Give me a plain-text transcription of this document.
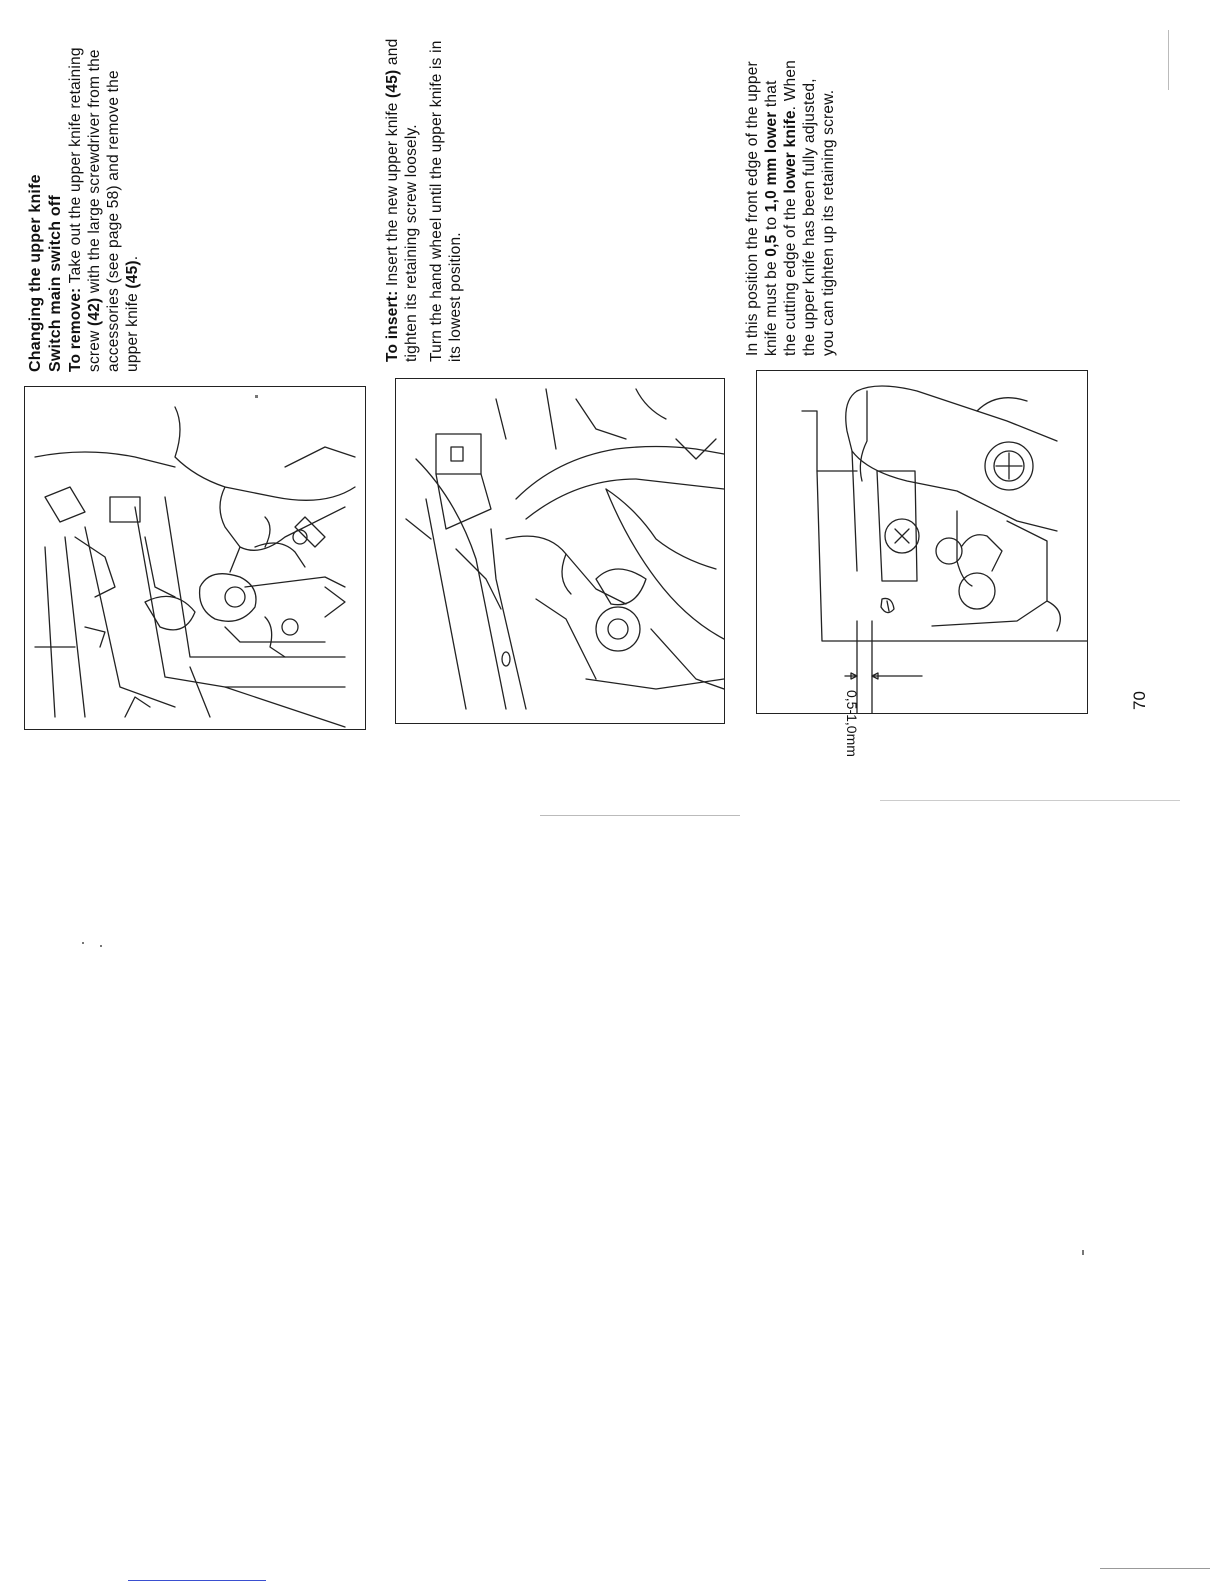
Changing the upper knife Switch main switch off To remove: Take out the upper knife retaining screw (42) with the large screwdriver from the accessories (see page 58) and remove the upper knife (45).

To insert: Insert the new upper knife (45) and tighten its retaining screw loosely. Turn the hand wheel until the upper knife is in its lowest position.	In this position the front edge of the upper knife must be 0,5 to 1,0 mm lower that the cutting edge of the lower knife. When the upper knife has been fully adjusted, you can tighten up its retaining screw.

0,5-1,0mm	70
